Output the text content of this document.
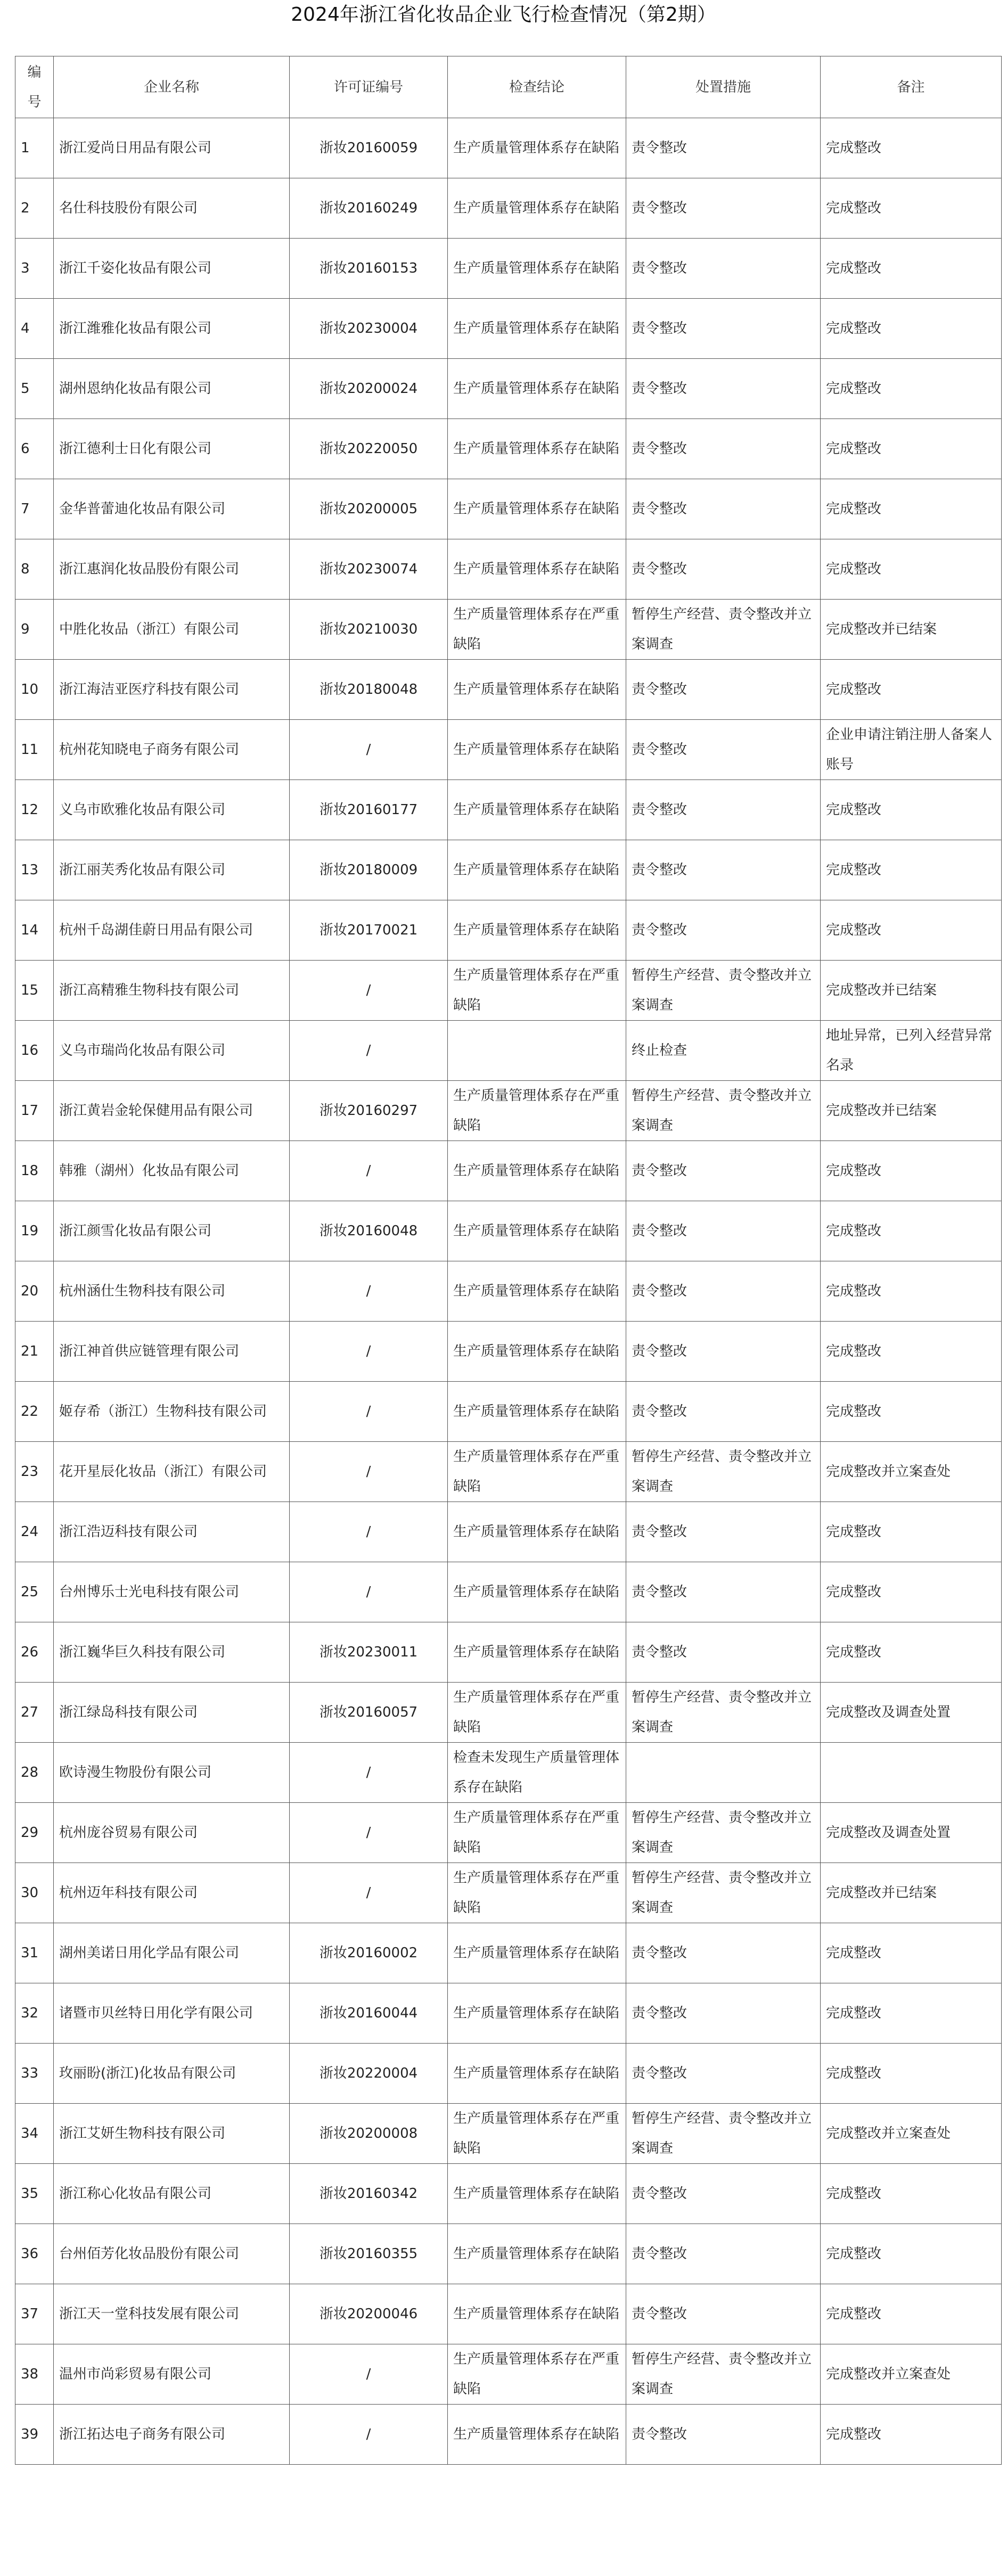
2024年浙江省化妆品企业飞行检查情况（第2期）
编号	企业名称	许可证编号	检查结论	处置措施	备注
1	浙江爱尚日用品有限公司	浙妆20160059	生产质量管理体系存在缺陷	责令整改	完成整改
2	名仕科技股份有限公司	浙妆20160249	生产质量管理体系存在缺陷	责令整改	完成整改
3	浙江千姿化妆品有限公司	浙妆20160153	生产质量管理体系存在缺陷	责令整改	完成整改
4	浙江潍雅化妆品有限公司	浙妆20230004	生产质量管理体系存在缺陷	责令整改	完成整改
5	湖州恩纳化妆品有限公司	浙妆20200024	生产质量管理体系存在缺陷	责令整改	完成整改
6	浙江德利士日化有限公司	浙妆20220050	生产质量管理体系存在缺陷	责令整改	完成整改
7	金华普蕾迪化妆品有限公司	浙妆20200005	生产质量管理体系存在缺陷	责令整改	完成整改
8	浙江惠润化妆品股份有限公司	浙妆20230074	生产质量管理体系存在缺陷	责令整改	完成整改
9	中胜化妆品（浙江）有限公司	浙妆20210030	生产质量管理体系存在严重缺陷	暂停生产经营、责令整改并立案调查	完成整改并已结案
10	浙江海洁亚医疗科技有限公司	浙妆20180048	生产质量管理体系存在缺陷	责令整改	完成整改
11	杭州花知晓电子商务有限公司	/	生产质量管理体系存在缺陷	责令整改	企业申请注销注册人备案人账号
12	义乌市欧雅化妆品有限公司	浙妆20160177	生产质量管理体系存在缺陷	责令整改	完成整改
13	浙江丽芙秀化妆品有限公司	浙妆20180009	生产质量管理体系存在缺陷	责令整改	完成整改
14	杭州千岛湖佳蔚日用品有限公司	浙妆20170021	生产质量管理体系存在缺陷	责令整改	完成整改
15	浙江高精雅生物科技有限公司	/	生产质量管理体系存在严重缺陷	暂停生产经营、责令整改并立案调查	完成整改并已结案
16	义乌市瑞尚化妆品有限公司	/		终止检查	地址异常，已列入经营异常名录
17	浙江黄岩金轮保健用品有限公司	浙妆20160297	生产质量管理体系存在严重缺陷	暂停生产经营、责令整改并立案调查	完成整改并已结案
18	韩雅（湖州）化妆品有限公司	/	生产质量管理体系存在缺陷	责令整改	完成整改
19	浙江颜雪化妆品有限公司	浙妆20160048	生产质量管理体系存在缺陷	责令整改	完成整改
20	杭州涵仕生物科技有限公司	/	生产质量管理体系存在缺陷	责令整改	完成整改
21	浙江神首供应链管理有限公司	/	生产质量管理体系存在缺陷	责令整改	完成整改
22	姬存希（浙江）生物科技有限公司	/	生产质量管理体系存在缺陷	责令整改	完成整改
23	花开星辰化妆品（浙江）有限公司	/	生产质量管理体系存在严重缺陷	暂停生产经营、责令整改并立案调查	完成整改并立案查处
24	浙江浩迈科技有限公司	/	生产质量管理体系存在缺陷	责令整改	完成整改
25	台州博乐士光电科技有限公司	/	生产质量管理体系存在缺陷	责令整改	完成整改
26	浙江巍华巨久科技有限公司	浙妆20230011	生产质量管理体系存在缺陷	责令整改	完成整改
27	浙江绿岛科技有限公司	浙妆20160057	生产质量管理体系存在严重缺陷	暂停生产经营、责令整改并立案调查	完成整改及调查处置
28	欧诗漫生物股份有限公司	/	检查未发现生产质量管理体系存在缺陷		
29	杭州庞谷贸易有限公司	/	生产质量管理体系存在严重缺陷	暂停生产经营、责令整改并立案调查	完成整改及调查处置
30	杭州迈年科技有限公司	/	生产质量管理体系存在严重缺陷	暂停生产经营、责令整改并立案调查	完成整改并已结案
31	湖州美诺日用化学品有限公司	浙妆20160002	生产质量管理体系存在缺陷	责令整改	完成整改
32	诸暨市贝丝特日用化学有限公司	浙妆20160044	生产质量管理体系存在缺陷	责令整改	完成整改
33	玫丽盼(浙江)化妆品有限公司	浙妆20220004	生产质量管理体系存在缺陷	责令整改	完成整改
34	浙江艾妍生物科技有限公司	浙妆20200008	生产质量管理体系存在严重缺陷	暂停生产经营、责令整改并立案调查	完成整改并立案查处
35	浙江称心化妆品有限公司	浙妆20160342	生产质量管理体系存在缺陷	责令整改	完成整改
36	台州佰芳化妆品股份有限公司	浙妆20160355	生产质量管理体系存在缺陷	责令整改	完成整改
37	浙江天一堂科技发展有限公司	浙妆20200046	生产质量管理体系存在缺陷	责令整改	完成整改
38	温州市尚彩贸易有限公司	/	生产质量管理体系存在严重缺陷	暂停生产经营、责令整改并立案调查	完成整改并立案查处
39	浙江拓达电子商务有限公司	/	生产质量管理体系存在缺陷	责令整改	完成整改
